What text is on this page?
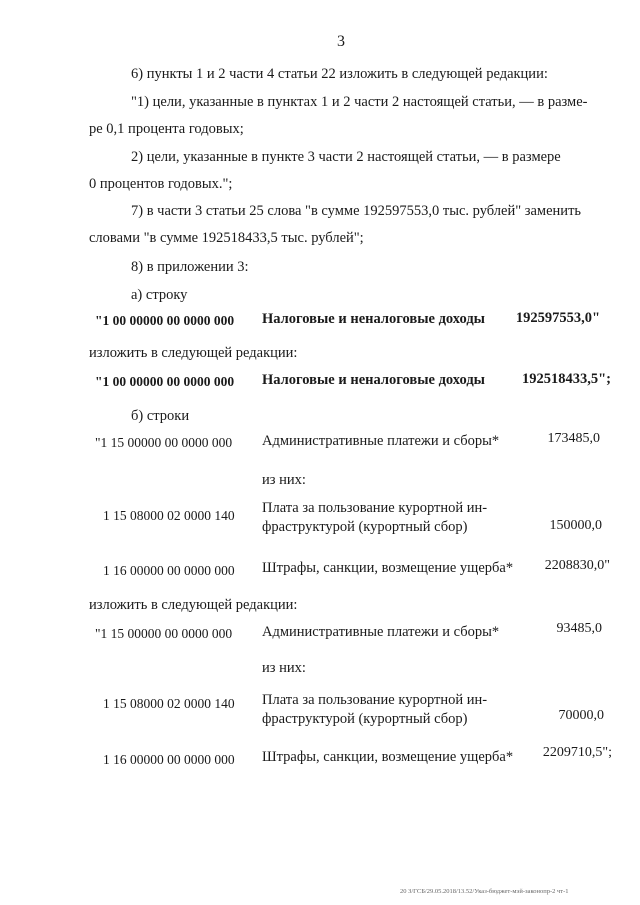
3
6) пункты 1 и 2 части 4 статьи 22 изложить в следующей редакции:
"1) цели, указанные в пунктах 1 и 2 части 2 настоящей статьи, — в разме-
ре 0,1 процента годовых;
2) цели, указанные в пункте 3 части 2 настоящей статьи, — в размере
0 процентов годовых.";
7) в части 3 статьи 25 слова "в сумме 192597553,0 тыс. рублей" заменить
словами "в сумме 192518433,5 тыс. рублей";
8) в приложении 3:
а) строку
"1 00 00000 00 0000 000 Налоговые и неналоговые доходы	192597553,0"
изложить в следующей редакции:
"1 00 00000 00 0000 000 Налоговые и неналоговые доходы	192518433,5";
б) строки
"1 15 00000 00 0000 000 Административные платежи и сборы*	173485,0
из них:
1 15 08000 02 0000 140 Плата за пользование курортной ин-
фраструктурой (курортный сбор)	150000,0
1 16 00000 00 0000 000 Штрафы, санкции, возмещение ущерба*	2208830,0"
изложить в следующей редакции:
"1 15 00000 00 0000 000 Административные платежи и сборы*	93485,0
из них:
1 15 08000 02 0000 140 Плата за пользование курортной ин-
фраструктурой (курортный сбор)	70000,0
1 16 00000 00 0000 000 Штрафы, санкции, возмещение ущерба*	2209710,5";
20 З/ГСБ/29.05.2018/13.52/Указ-бюджет-мэй-законопр-2 чт-1
